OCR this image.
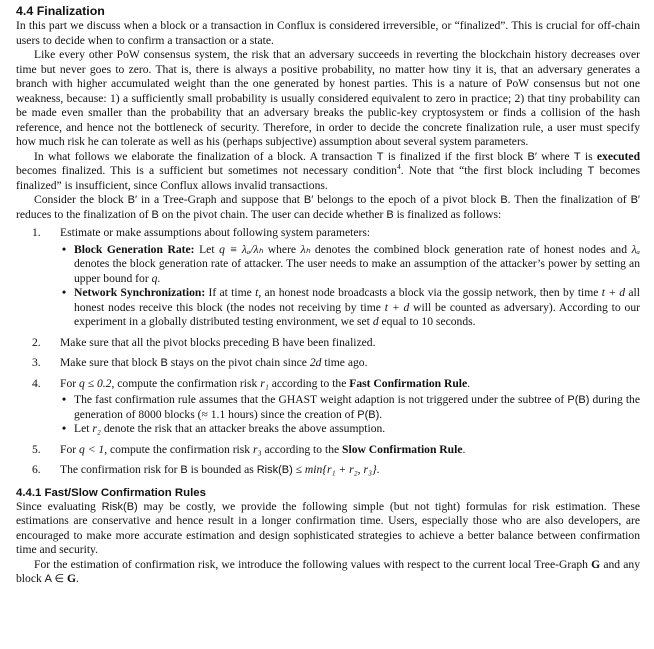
4.4 Finalization

In this part we discuss when a block or a transaction in Conflux is considered irreversible, or “finalized”. This is crucial for off-chain users to decide when to confirm a transaction or a state.

Like every other PoW consensus system, the risk that an adversary succeeds in reverting the blockchain history decreases over time but never goes to zero. That is, there is always a positive probability, no matter how tiny it is, that an adversary generates a branch with higher accumulated weight than the one generated by honest parties. This is a nature of PoW consensus but not one weakness, because: 1) a sufficiently small probability is usually considered equivalent to zero in practice; 2) that tiny probability can be made even smaller than the probability that an adversary breaks the public-key cryptosystem or finds a collision of the hash reference, and hence not the bottleneck of security. Therefore, in order to decide the concrete finalization rule, a user must specify how much risk he can tolerate as well as his (perhaps subjective) assumption about several system parameters.

In what follows we elaborate the finalization of a block. A transaction T is finalized if the first block B′ where T is executed becomes finalized. This is a sufficient but sometimes not necessary condition$^4$. Note that “the first block including T becomes finalized” is insufficient, since Conflux allows invalid transactions.

Consider the block B′ in a Tree-Graph and suppose that B′ belongs to the epoch of a pivot block B. Then the finalization of B′ reduces to the finalization of B on the pivot chain. The user can decide whether B is finalized as follows:

1. Estimate or make assumptions about following system parameters:
• Block Generation Rate: Let q ≡ λₐ/λₕ where λₕ denotes the combined block generation rate of honest nodes and λₐ denotes the block generation rate of attacker. The user needs to make an assumption of the attacker’s power by setting an upper bound for q.
• Network Synchronization: If at time t, an honest node broadcasts a block via the gossip network, then by time t + d all honest nodes receive this block (the nodes not receiving by time t + d will be counted as adversary). According to our experiment in a globally distributed testing environment, we set d equal to 10 seconds.
2. Make sure that all the pivot blocks preceding B have been finalized.
3. Make sure that block B stays on the pivot chain since 2d time ago.
4. For q ≤ 0.2, compute the confirmation risk r₁ according to the Fast Confirmation Rule.
• The fast confirmation rule assumes that the GHAST weight adaption is not triggered under the subtree of P(B) during the generation of 8000 blocks (≈ 1.1 hours) since the creation of P(B).
• Let r₂ denote the risk that an attacker breaks the above assumption.
5. For q < 1, compute the confirmation risk r₃ according to the Slow Confirmation Rule.
6. The confirmation risk for B is bounded as Risk(B) ≤ min{r₁ + r₂, r₃}.
4.4.1 Fast/Slow Confirmation Rules

Since evaluating Risk(B) may be costly, we provide the following simple (but not tight) formulas for risk estimation. These estimations are conservative and hence result in a longer confirmation time. Users, especially those who are also developers, are encouraged to make more accurate estimation and design sophisticated strategies to achieve a better balance between confirmation time and security.

For the estimation of confirmation risk, we introduce the following values with respect to the current local Tree-Graph G and any block A ∈ G.
